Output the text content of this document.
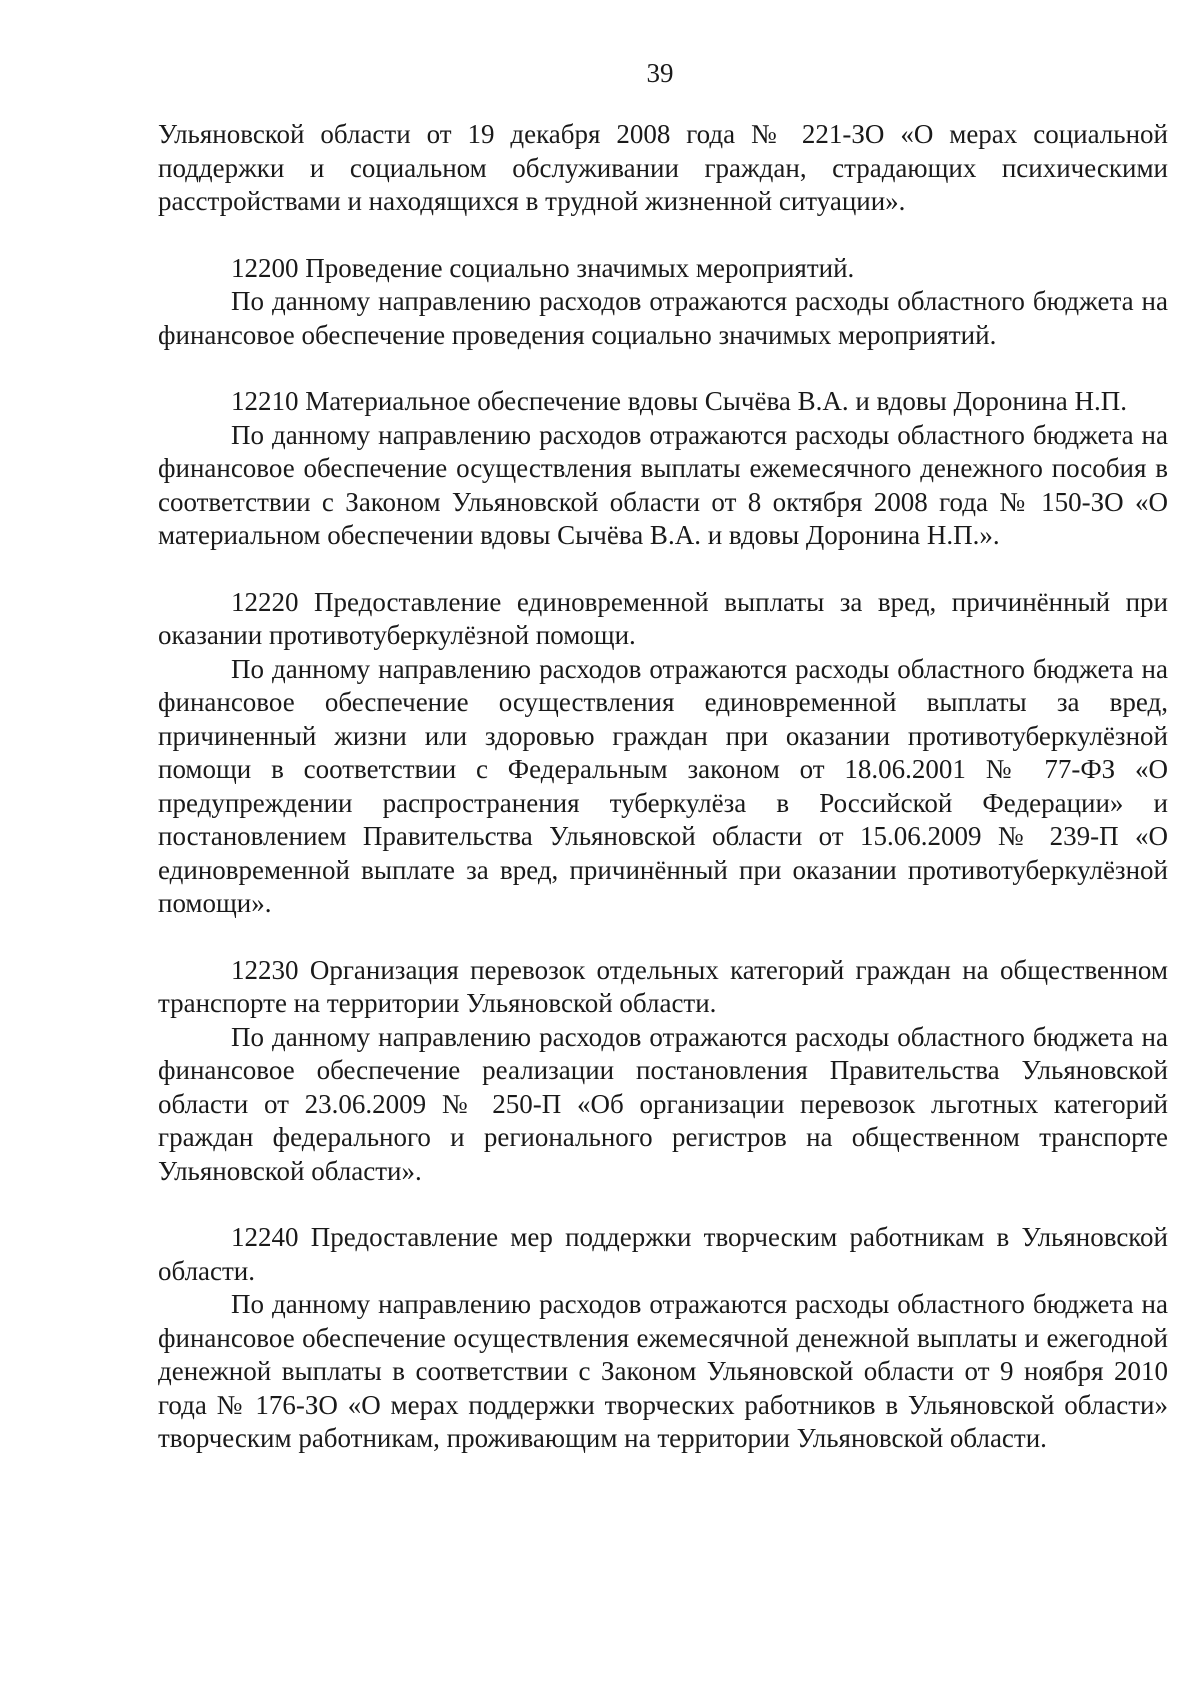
39

Ульяновской области от 19 декабря 2008 года № 221-ЗО «О мерах социальной поддержки и социальном обслуживании граждан, страдающих психическими расстройствами и находящихся в трудной жизненной ситуации».

12200 Проведение социально значимых мероприятий.

По данному направлению расходов отражаются расходы областного бюджета на финансовое обеспечение проведения социально значимых мероприятий.

12210 Материальное обеспечение вдовы Сычёва В.А. и вдовы Доронина Н.П.

По данному направлению расходов отражаются расходы областного бюджета на финансовое обеспечение осуществления выплаты ежемесячного денежного пособия в соответствии с Законом Ульяновской области от 8 октября 2008 года № 150-ЗО «О материальном обеспечении вдовы Сычёва В.А. и вдовы Доронина Н.П.».

12220 Предоставление единовременной выплаты за вред, причинённый при оказании противотуберкулёзной помощи.

По данному направлению расходов отражаются расходы областного бюджета на финансовое обеспечение осуществления единовременной выплаты за вред, причиненный жизни или здоровью граждан при оказании противотуберкулёзной помощи в соответствии с Федеральным законом от 18.06.2001 № 77-ФЗ «О предупреждении распространения туберкулёза в Российской Федерации» и постановлением Правительства Ульяновской области от 15.06.2009 № 239-П «О единовременной выплате за вред, причинённый при оказании противотуберкулёзной помощи».

12230 Организация перевозок отдельных категорий граждан на общественном транспорте на территории Ульяновской области.

По данному направлению расходов отражаются расходы областного бюджета на финансовое обеспечение реализации постановления Правительства Ульяновской области от 23.06.2009 № 250-П «Об организации перевозок льготных категорий граждан федерального и регионального регистров на общественном транспорте Ульяновской области».

12240 Предоставление мер поддержки творческим работникам в Ульяновской области.

По данному направлению расходов отражаются расходы областного бюджета на финансовое обеспечение осуществления ежемесячной денежной выплаты и ежегодной денежной выплаты в соответствии с Законом Ульяновской области от 9 ноября 2010 года № 176-ЗО «О мерах поддержки творческих работников в Ульяновской области» творческим работникам, проживающим на территории Ульяновской области.
